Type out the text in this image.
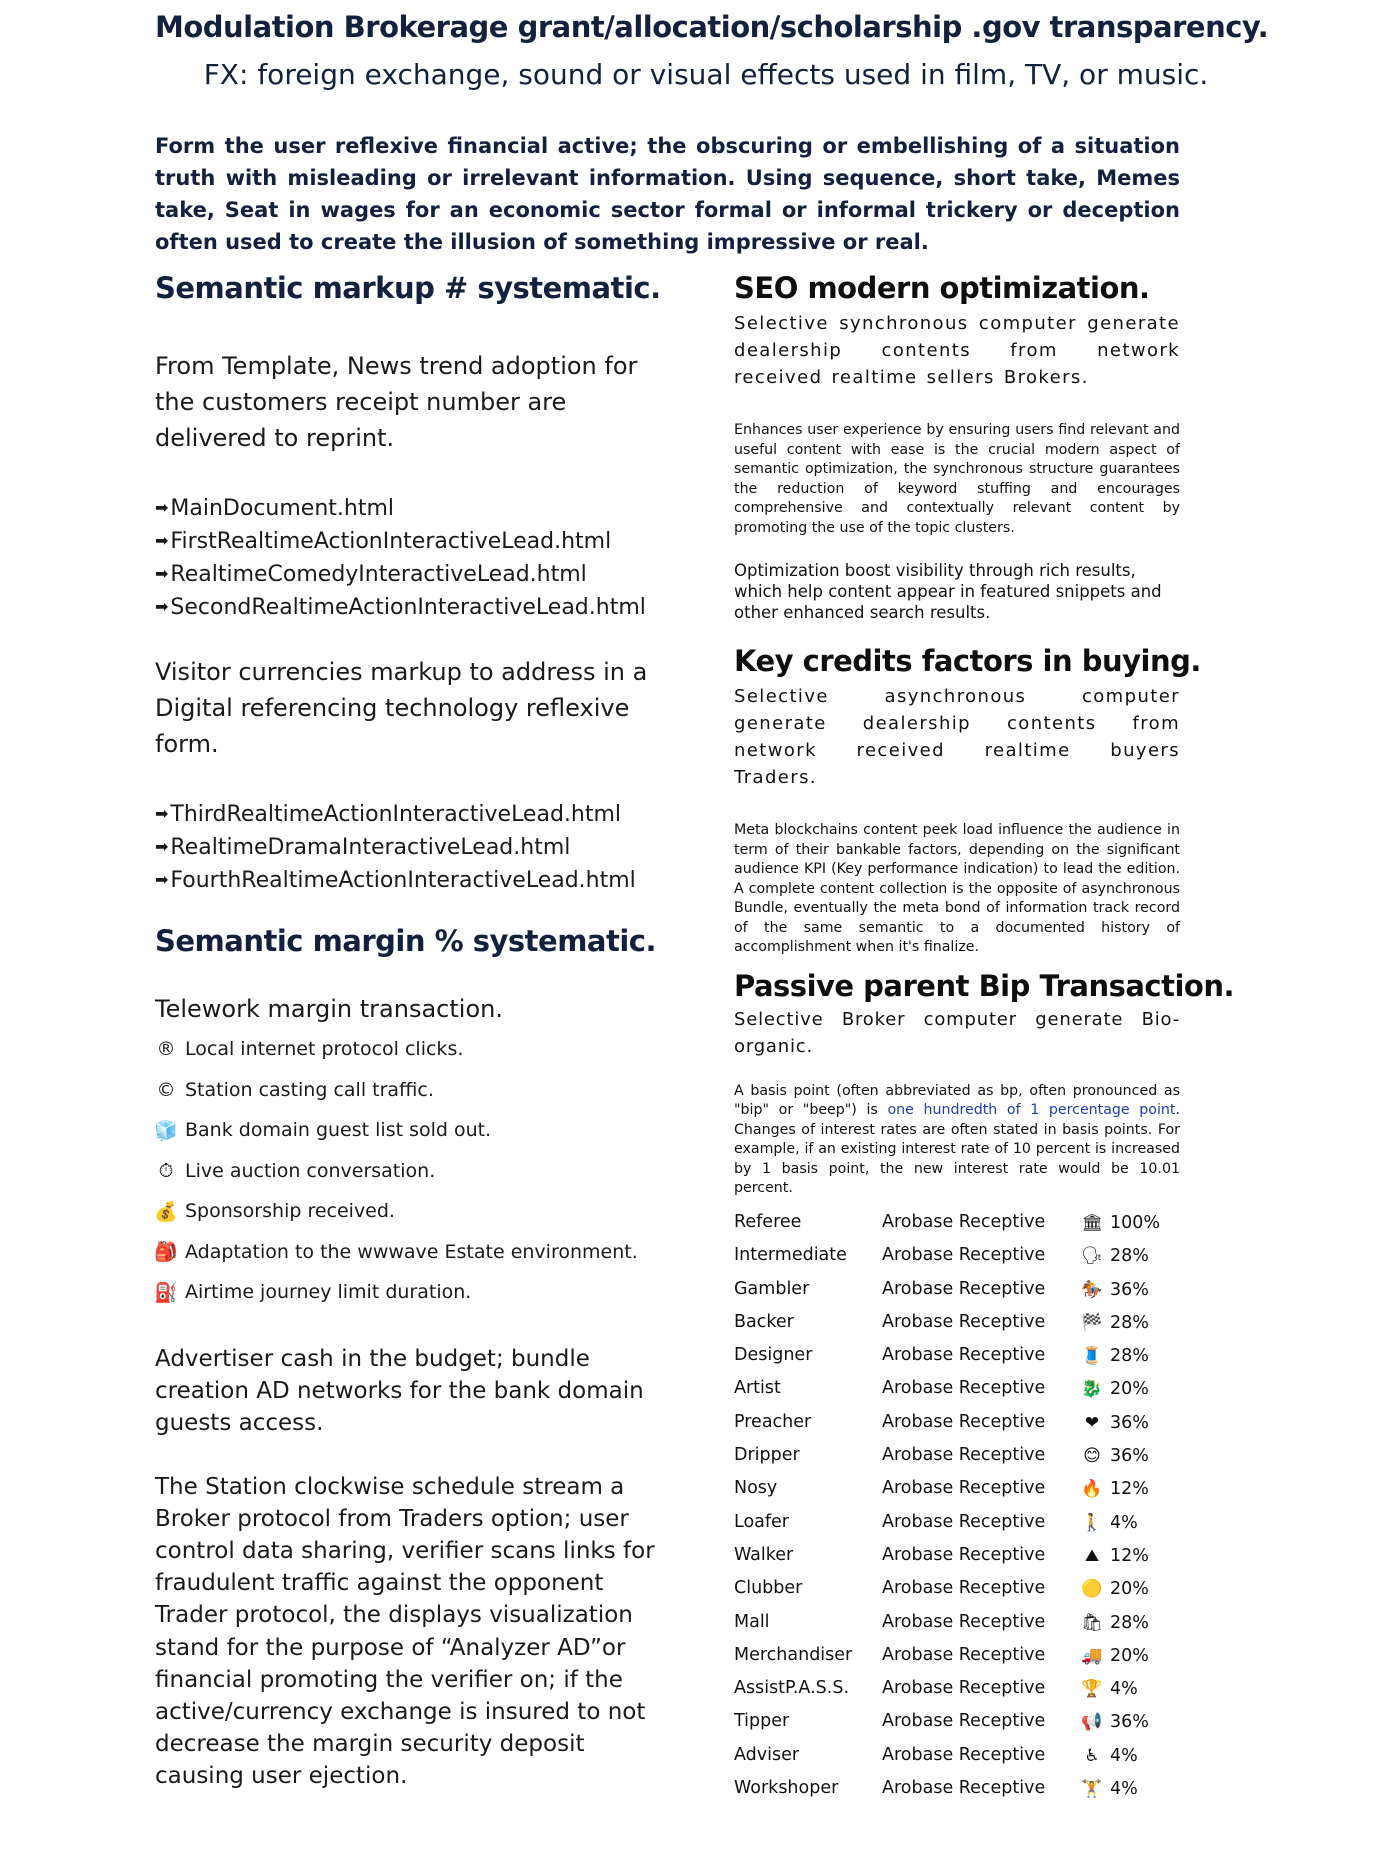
Modulation Brokerage grant/allocation/scholarship .gov transparency.
FX: foreign exchange, sound or visual effects used in film, TV, or music.
Form the user reflexive financial active; the obscuring or embellishing of a situation truth with misleading or irrelevant information. Using sequence, short take, Memes take, Seat in wages for an economic sector formal or informal trickery or deception often used to create the illusion of something impressive or real.
Semantic markup # systematic.
From Template, News trend adoption for the customers receipt number are delivered to reprint.
➡MainDocument.html
➡FirstRealtimeActionInteractiveLead.html
➡RealtimeComedyInteractiveLead.html
➡SecondRealtimeActionInteractiveLead.html
Visitor currencies markup to address in a Digital referencing technology reflexive form.
➡ThirdRealtimeActionInteractiveLead.html
➡RealtimeDramaInteractiveLead.html
➡FourthRealtimeActionInteractiveLead.html
Semantic margin % systematic.
Telework margin transaction.
® Local internet protocol clicks.
© Station casting call traffic.
🧊 Bank domain guest list sold out.
⏱ Live auction conversation.
💰 Sponsorship received.
🎒 Adaptation to the wwwave Estate environment.
⛽ Airtime journey limit duration.
Advertiser cash in the budget; bundle creation AD networks for the bank domain guests access.
The Station clockwise schedule stream a Broker protocol from Traders option; user control data sharing, verifier scans links for fraudulent traffic against the opponent Trader protocol, the displays visualization stand for the purpose of “Analyzer AD”or financial promoting the verifier on; if the active/currency exchange is insured to not decrease the margin security deposit causing user ejection.
SEO modern optimization.
Selective synchronous computer generate dealership contents from network received realtime sellers Brokers.
Enhances user experience by ensuring users find relevant and useful content with ease is the crucial modern aspect of semantic optimization, the synchronous structure guarantees the reduction of keyword stuffing and encourages comprehensive and contextually relevant content by promoting the use of the topic clusters.
Optimization boost visibility through rich results, which help content appear in featured snippets and other enhanced search results.
Key credits factors in buying.
Selective asynchronous computer generate dealership contents from network received realtime buyers Traders.
Meta blockchains content peek load influence the audience in term of their bankable factors, depending on the significant audience KPI (Key performance indication) to lead the edition. A complete content collection is the opposite of asynchronous Bundle, eventually the meta bond of information track record of the same semantic to a documented history of accomplishment when it's finalize.
Passive parent Bip Transaction.
Selective Broker computer generate Bio-organic.
A basis point (often abbreviated as bp, often pronounced as "bip" or "beep") is one hundredth of 1 percentage point. Changes of interest rates are often stated in basis points. For example, if an existing interest rate of 10 percent is increased by 1 basis point, the new interest rate would be 10.01 percent.
Referee	Arobase Receptive 🏛 100%
Intermediate Arobase Receptive 🗣 28%
Gambler	Arobase Receptive 🏇 36%
Backer	Arobase Receptive 🏁 28%
Designer	Arobase Receptive 🧵 28%
Artist	Arobase Receptive 🐉 20%
Preacher	Arobase Receptive ❤ 36%
Dripper	Arobase Receptive 😊 36%
Nosy	Arobase Receptive 🔥 12%
Loafer	Arobase Receptive 🚶 4%
Walker	Arobase Receptive ⛰ 12%
Clubber	Arobase Receptive 🟡 20%
Mall	Arobase Receptive 🛍 28%
Merchandiser Arobase Receptive 🚚 20%
AssistP.A.S.S. Arobase Receptive 🏆 4%
Tipper	Arobase Receptive 📢 36%
Adviser	Arobase Receptive ♿ 4%
Workshoper Arobase Receptive 🏋 4%
